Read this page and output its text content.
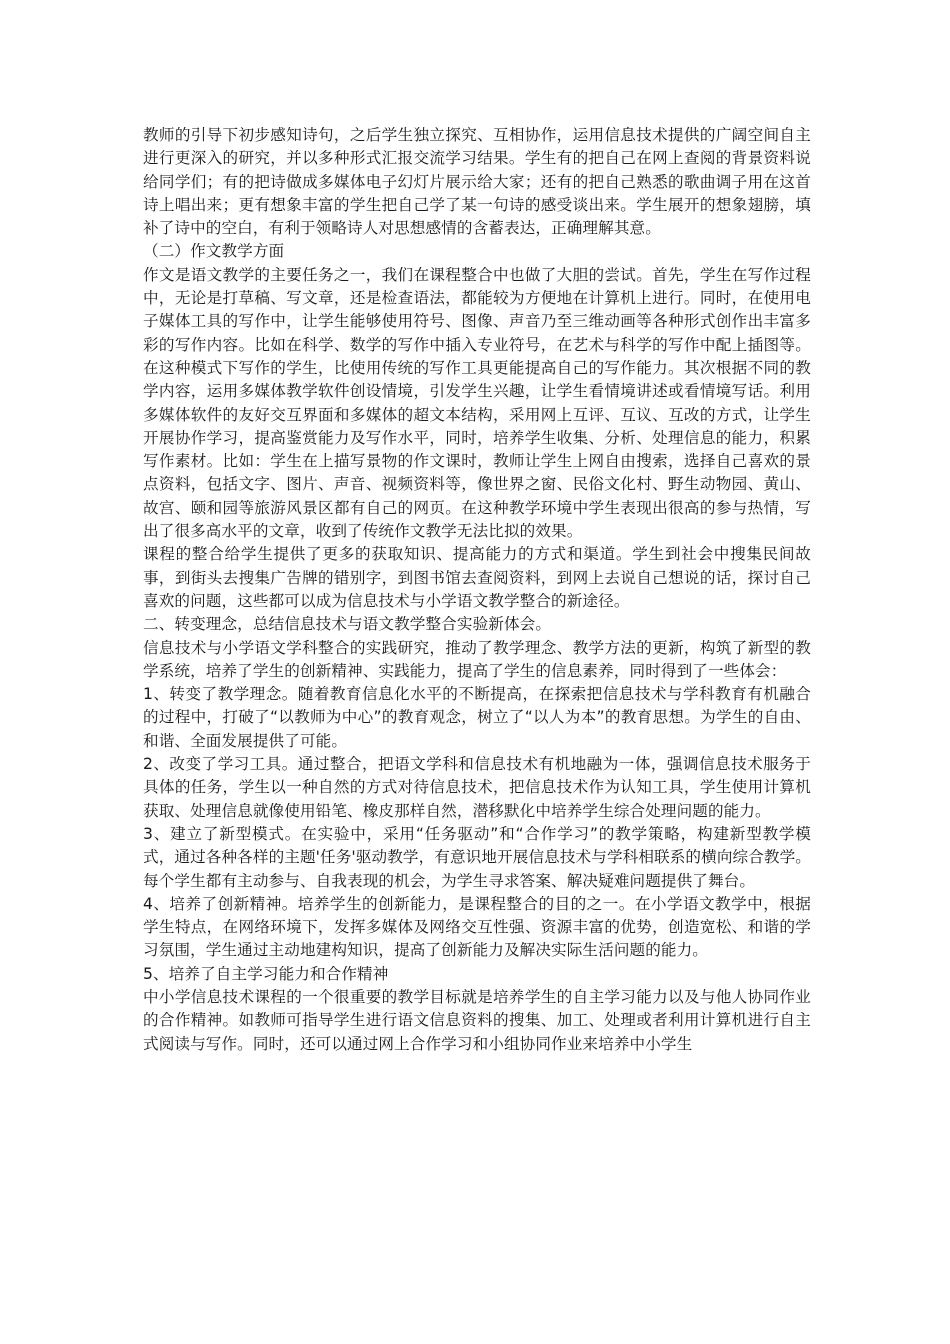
教师的引导下初步感知诗句，之后学生独立探究、互相协作，运用信息技术提供的广阔空间自主进行更深入的研究，并以多种形式汇报交流学习结果。学生有的把自己在网上查阅的背景资料说给同学们；有的把诗做成多媒体电子幻灯片展示给大家；还有的把自己熟悉的歌曲调子用在这首诗上唱出来；更有想象丰富的学生把自己学了某一句诗的感受谈出来。学生展开的想象翅膀，填补了诗中的空白，有利于领略诗人对思想感情的含蓄表达，正确理解其意。

（二）作文教学方面

作文是语文教学的主要任务之一，我们在课程整合中也做了大胆的尝试。首先，学生在写作过程中，无论是打草稿、写文章，还是检查语法，都能较为方便地在计算机上进行。同时，在使用电子媒体工具的写作中，让学生能够使用符号、图像、声音乃至三维动画等各种形式创作出丰富多彩的写作内容。比如在科学、数学的写作中插入专业符号，在艺术与科学的写作中配上插图等。在这种模式下写作的学生，比使用传统的写作工具更能提高自己的写作能力。其次根据不同的教学内容，运用多媒体教学软件创设情境，引发学生兴趣，让学生看情境讲述或看情境写话。利用多媒体软件的友好交互界面和多媒体的超文本结构，采用网上互评、互议、互改的方式，让学生开展协作学习，提高鉴赏能力及写作水平，同时，培养学生收集、分析、处理信息的能力，积累写作素材。比如：学生在上描写景物的作文课时，教师让学生上网自由搜索，选择自己喜欢的景点资料，包括文字、图片、声音、视频资料等，像世界之窗、民俗文化村、野生动物园、黄山、故宫、颐和园等旅游风景区都有自己的网页。在这种教学环境中学生表现出很高的参与热情，写出了很多高水平的文章，收到了传统作文教学无法比拟的效果。

课程的整合给学生提供了更多的获取知识、提高能力的方式和渠道。学生到社会中搜集民间故事，到街头去搜集广告牌的错别字，到图书馆去查阅资料，到网上去说自己想说的话，探讨自己喜欢的问题，这些都可以成为信息技术与小学语文教学整合的新途径。

二、转变理念，总结信息技术与语文教学整合实验新体会。

信息技术与小学语文学科整合的实践研究，推动了教学理念、教学方法的更新，构筑了新型的教学系统，培养了学生的创新精神、实践能力，提高了学生的信息素养，同时得到了一些体会：

1、转变了教学理念。随着教育信息化水平的不断提高，在探索把信息技术与学科教育有机融合的过程中，打破了“以教师为中心”的教育观念，树立了“以人为本”的教育思想。为学生的自由、和谐、全面发展提供了可能。

2、改变了学习工具。通过整合，把语文学科和信息技术有机地融为一体，强调信息技术服务于具体的任务，学生以一种自然的方式对待信息技术，把信息技术作为认知工具，学生使用计算机获取、处理信息就像使用铅笔、橡皮那样自然，潜移默化中培养学生综合处理问题的能力。

3、建立了新型模式。在实验中，采用“任务驱动”和“合作学习”的教学策略，构建新型教学模式，通过各种各样的主题'任务'驱动教学，有意识地开展信息技术与学科相联系的横向综合教学。每个学生都有主动参与、自我表现的机会，为学生寻求答案、解决疑难问题提供了舞台。

4、培养了创新精神。培养学生的创新能力，是课程整合的目的之一。在小学语文教学中，根据学生特点，在网络环境下，发挥多媒体及网络交互性强、资源丰富的优势，创造宽松、和谐的学习氛围，学生通过主动地建构知识，提高了创新能力及解决实际生活问题的能力。

5、培养了自主学习能力和合作精神

中小学信息技术课程的一个很重要的教学目标就是培养学生的自主学习能力以及与他人协同作业的合作精神。如教师可指导学生进行语文信息资料的搜集、加工、处理或者利用计算机进行自主式阅读与写作。同时，还可以通过网上合作学习和小组协同作业来培养中小学生
